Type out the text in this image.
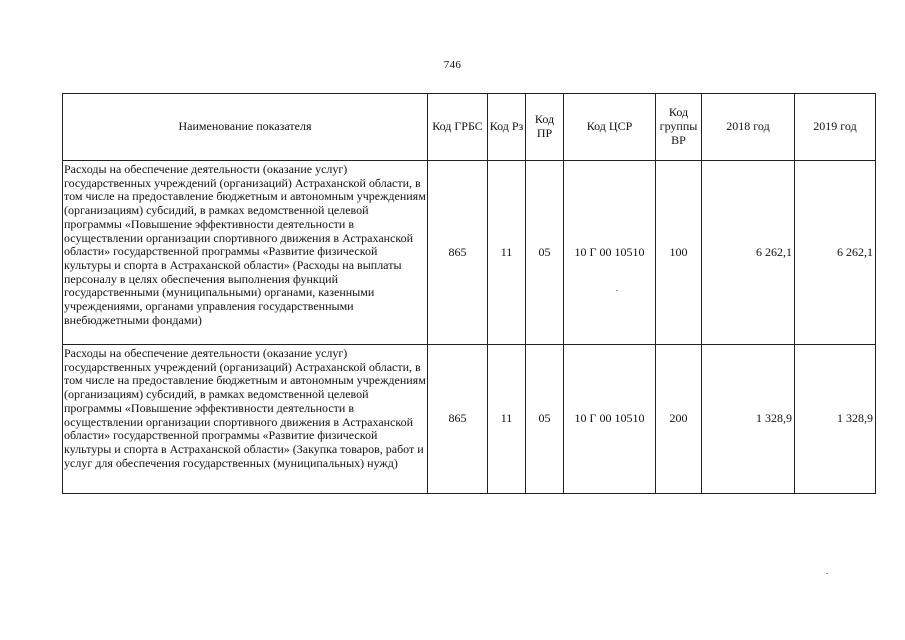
746
Наименование показателя	Код ГРБС	Код Рз	Код ПР	Код ЦСР	Код группы ВР	2018 год	2019 год
Расходы на обеспечение деятельности (оказание услуг) государственных учреждений (организаций) Астраханской области, в том числе на предоставление бюджетным и автономным учреждениям (организациям) субсидий, в рамках ведомственной целевой программы «Повышение эффективности деятельности в осуществлении организации спортивного движения в Астраханской области» государственной программы «Развитие физической культуры и спорта в Астраханской области» (Расходы на выплаты персоналу в целях обеспечения выполнения функций государственными (муниципальными) органами, казенными учреждениями, органами управления государственными внебюджетными фондами)	865	11	05	10 Г 00 10510	100	6 262,1	6 262,1
Расходы на обеспечение деятельности (оказание услуг) государственных учреждений (организаций) Астраханской области, в том числе на предоставление бюджетным и автономным учреждениям (организациям) субсидий, в рамках ведомственной целевой программы «Повышение эффективности деятельности в осуществлении организации спортивного движения в Астраханской области» государственной программы «Развитие физической культуры и спорта в Астраханской области» (Закупка товаров, работ и услуг для обеспечения государственных (муниципальных) нужд)	865	11	05	10 Г 00 10510	200	1 328,9	1 328,9
